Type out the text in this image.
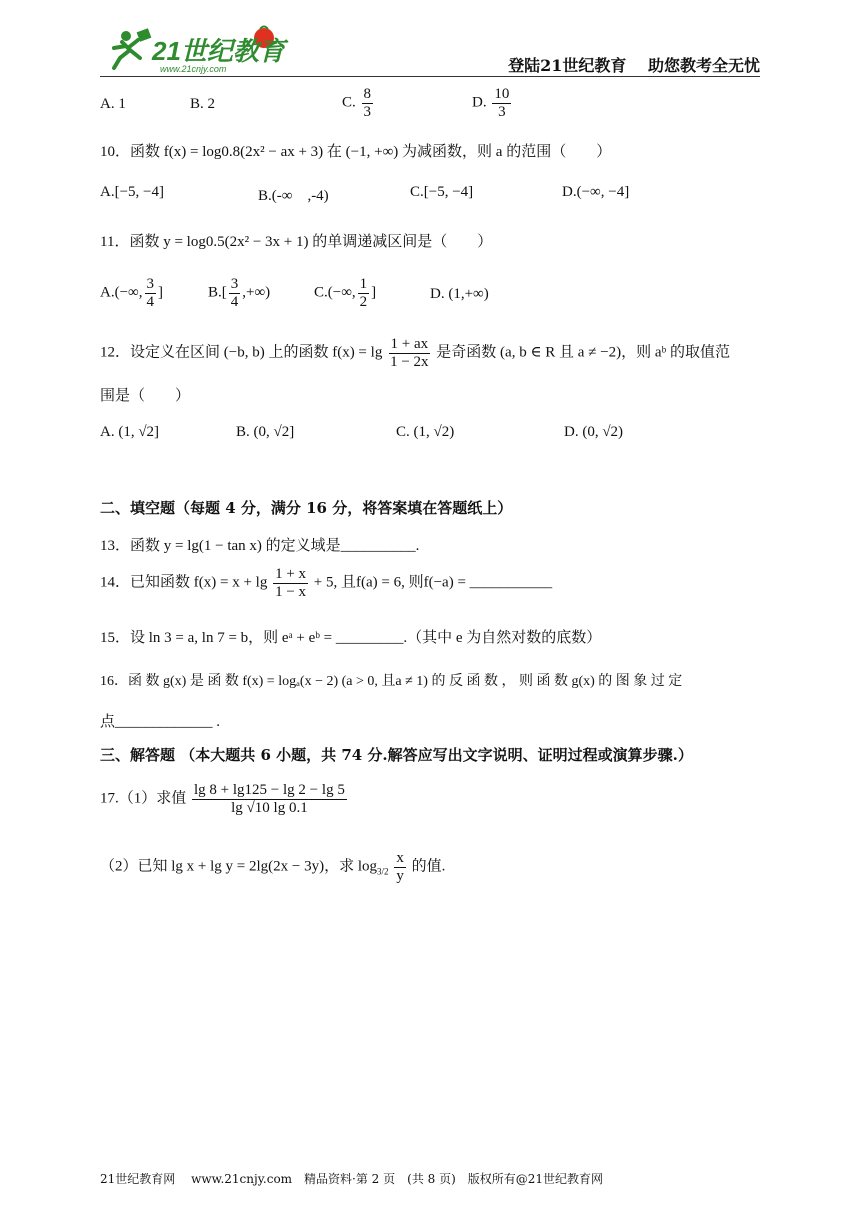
21世纪教育
www.21cnjy.com	登陆21世纪教育　 助您教考全无忧
A. 1	B. 2	C. $\frac{8}{3}$	D. $\frac{10}{3}$
10．函数 f(x) = log0.8(2x² − ax + 3) 在 (−1, +∞) 为减函数，则 a 的范围（　　）
A.[−5, −4]	B.(-∞　,-4)	C.[−5, −4]	D.(−∞, −4]
11．函数 y = log0.5(2x² − 3x + 1) 的单调递减区间是（　　）
A.(−∞, $\frac{3}{4}$ ]	$B.[ \frac{3}{4}$ ,+∞)	C.(−∞, $\frac{1}{2}$ ]	D. (1,+∞)
12．设定义在区间 (−b, b) 上的函数 $f(x) = \lg \frac{1 + ax}{1 - 2x}$ 是奇函数 (a, b ∈ R 且 a ≠ −2)，则 aᵇ 的取值范
围是（　　）
A. (1, √2]	B. (0, √2]	C. (1, √2)	D. (0, √2)
二、填空题（每题 4 分，满分 16 分，将答案填在答题纸上）
13．函数 y = lg(1 − tan x) 的定义域是__________.
14．已知函数 $f(x) = x + \lg \frac{1 + x}{1 - x} + 5$, 且f(a) = 6, 则f(−a) = ___________
15．设 ln 3 = a, ln 7 = b，则 eᵃ + eᵇ = _________.（其中 e 为自然对数的底数）
16．函 数 g(x) 是 函 数 f(x) = logₐ(x − 2) (a > 0, 且a ≠ 1) 的 反 函 数 ， 则 函 数 g(x) 的 图 象 过 定
点_____________ .
三、解答题 （本大题共 6 小题，共 74 分.解答应写出文字说明、证明过程或演算步骤.）
17.（1）求值 $\frac{\lg 8 + \lg 125 - \lg 2 - \lg 5}{\lg √10 \lg 0.1}$
（2）已知 lg x + lg y = 2lg(2x − 3y)，求 $\log_{3/2} \frac{x}{y}$ 的值.
21世纪教育网　 www.21cnjy.com　精品资料·第 2 页　(共 8 页)　版权所有@21世纪教育网
